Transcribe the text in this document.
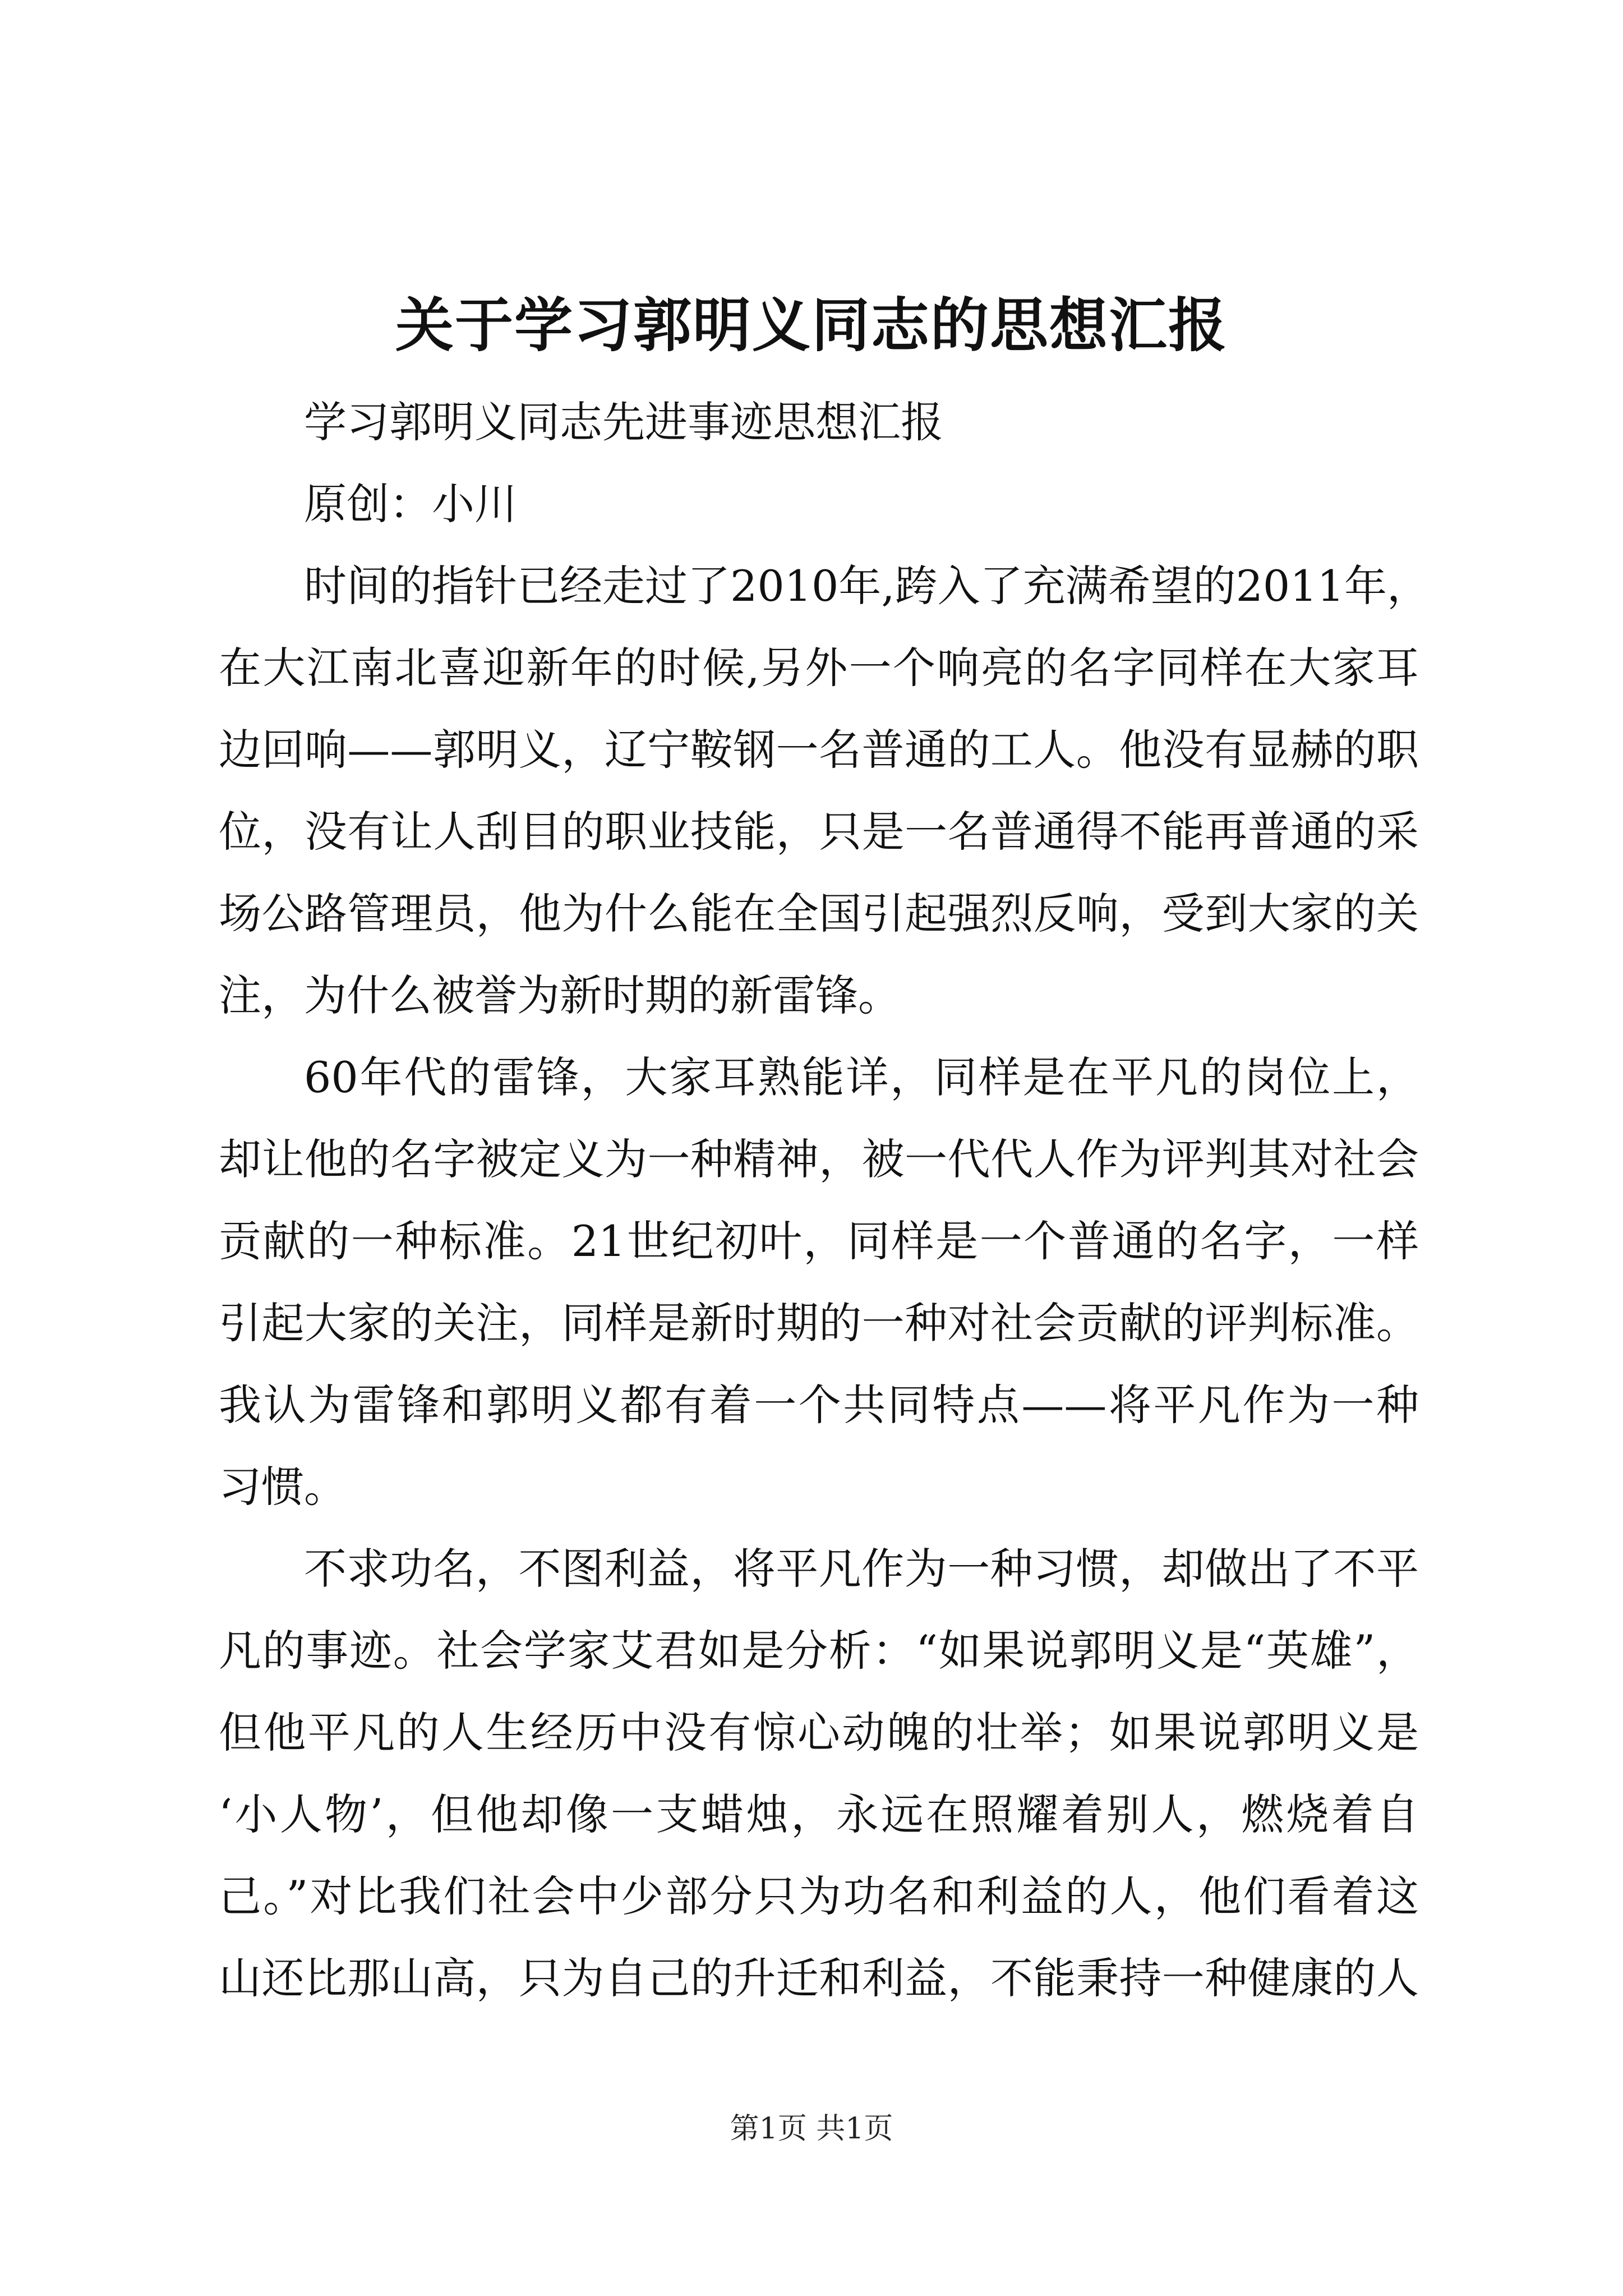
关于学习郭明义同志的思想汇报
学习郭明义同志先进事迹思想汇报
原创：小川
时间的指针已经走过了2010年,跨入了充满希望的2011年，
在大江南北喜迎新年的时候,另外一个响亮的名字同样在大家耳
边回响——郭明义，辽宁鞍钢一名普通的工人。他没有显赫的职
位，没有让人刮目的职业技能，只是一名普通得不能再普通的采
场公路管理员，他为什么能在全国引起强烈反响，受到大家的关
注，为什么被誉为新时期的新雷锋。
60年代的雷锋，大家耳熟能详，同样是在平凡的岗位上，
却让他的名字被定义为一种精神，被一代代人作为评判其对社会
贡献的一种标准。21世纪初叶，同样是一个普通的名字，一样
引起大家的关注，同样是新时期的一种对社会贡献的评判标准。
我认为雷锋和郭明义都有着一个共同特点——将平凡作为一种
习惯。
不求功名，不图利益，将平凡作为一种习惯，却做出了不平
凡的事迹。社会学家艾君如是分析：“如果说郭明义是“英雄”，
但他平凡的人生经历中没有惊心动魄的壮举；如果说郭明义是
‘小人物’，但他却像一支蜡烛，永远在照耀着别人，燃烧着自
己。”对比我们社会中少部分只为功名和利益的人，他们看着这
山还比那山高，只为自己的升迁和利益，不能秉持一种健康的人
第1页 共1页
